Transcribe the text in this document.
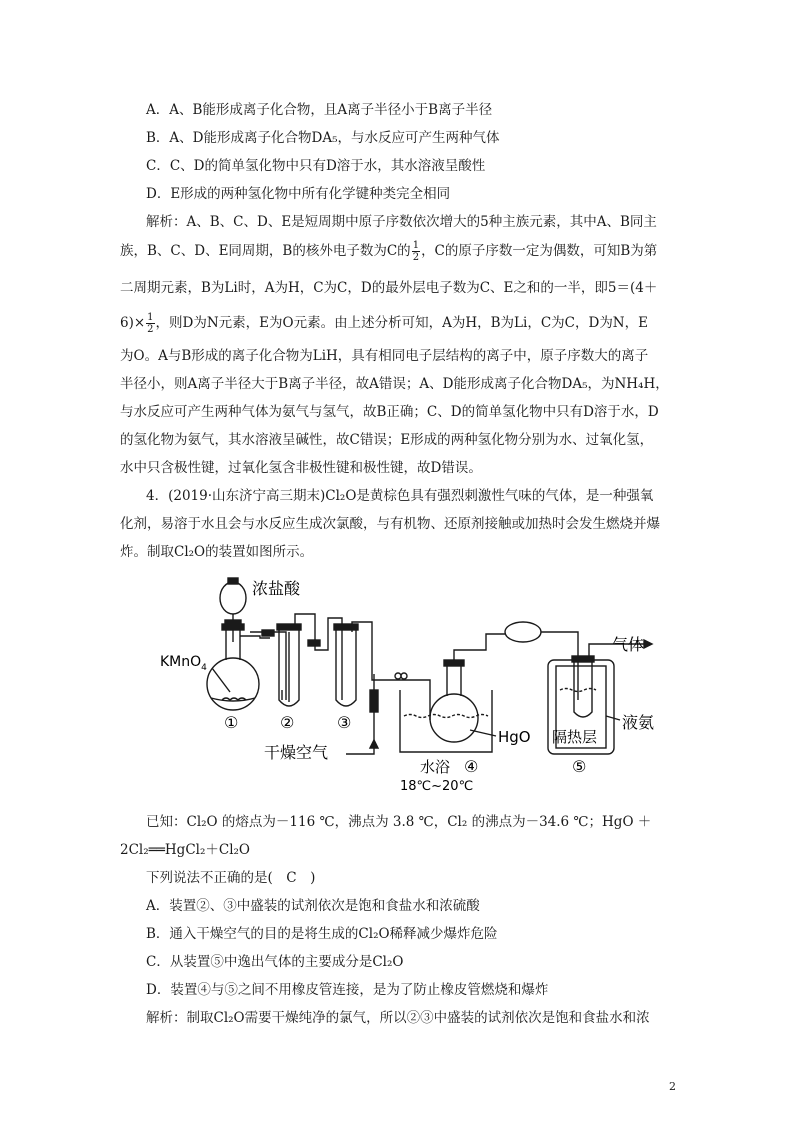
A．A、B能形成离子化合物，且A离子半径小于B离子半径
B．A、D能形成离子化合物DA₅，与水反应可产生两种气体
C．C、D的简单氢化物中只有D溶于水，其水溶液呈酸性
D．E形成的两种氢化物中所有化学键种类完全相同
解析：A、B、C、D、E是短周期中原子序数依次增大的5种主族元素，其中A、B同主
族，B、C、D、E同周期，B的核外电子数为C的 $\frac{1}{2}$ ，C的原子序数一定为偶数，可知B为第
二周期元素，B为Li时，A为H，C为C，D的最外层电子数为C、E之和的一半，即5＝(4＋
$6)\times \frac{1}{2}$ ，则D为N元素，E为O元素。由上述分析可知，A为H，B为Li，C为C，D为N，E
为O。A与B形成的离子化合物为LiH，具有相同电子层结构的离子中，原子序数大的离子
半径小，则A离子半径大于B离子半径，故A错误；A、D能形成离子化合物DA₅，为NH₄H，
与水反应可产生两种气体为氨气与氢气，故B正确；C、D的简单氢化物中只有D溶于水，D
的氢化物为氨气，其水溶液呈碱性，故C错误；E形成的两种氢化物分别为水、过氧化氢，
水中只含极性键，过氧化氢含非极性键和极性键，故D错误。
4．(2019·山东济宁高三期末)Cl₂O是黄棕色具有强烈刺激性气味的气体，是一种强氧
化剂，易溶于水且会与水反应生成次氯酸，与有机物、还原剂接触或加热时会发生燃烧并爆
炸。制取Cl₂O的装置如图所示。
浓盐酸
KMnO$_4$
①	②	③
干燥空气
气体
液氨
HgO 隔热层
水浴 ④	⑤
18℃~20℃
已知：Cl₂O 的熔点为－116 ℃，沸点为 3.8 ℃，Cl₂ 的沸点为－34.6 ℃；HgO ＋
2Cl₂══HgCl₂＋Cl₂O
下列说法不正确的是(　C　)
A．装置②、③中盛装的试剂依次是饱和食盐水和浓硫酸
B．通入干燥空气的目的是将生成的Cl₂O稀释减少爆炸危险
C．从装置⑤中逸出气体的主要成分是Cl₂O
D．装置④与⑤之间不用橡皮管连接，是为了防止橡皮管燃烧和爆炸
解析：制取Cl₂O需要干燥纯净的氯气，所以②③中盛装的试剂依次是饱和食盐水和浓
2
